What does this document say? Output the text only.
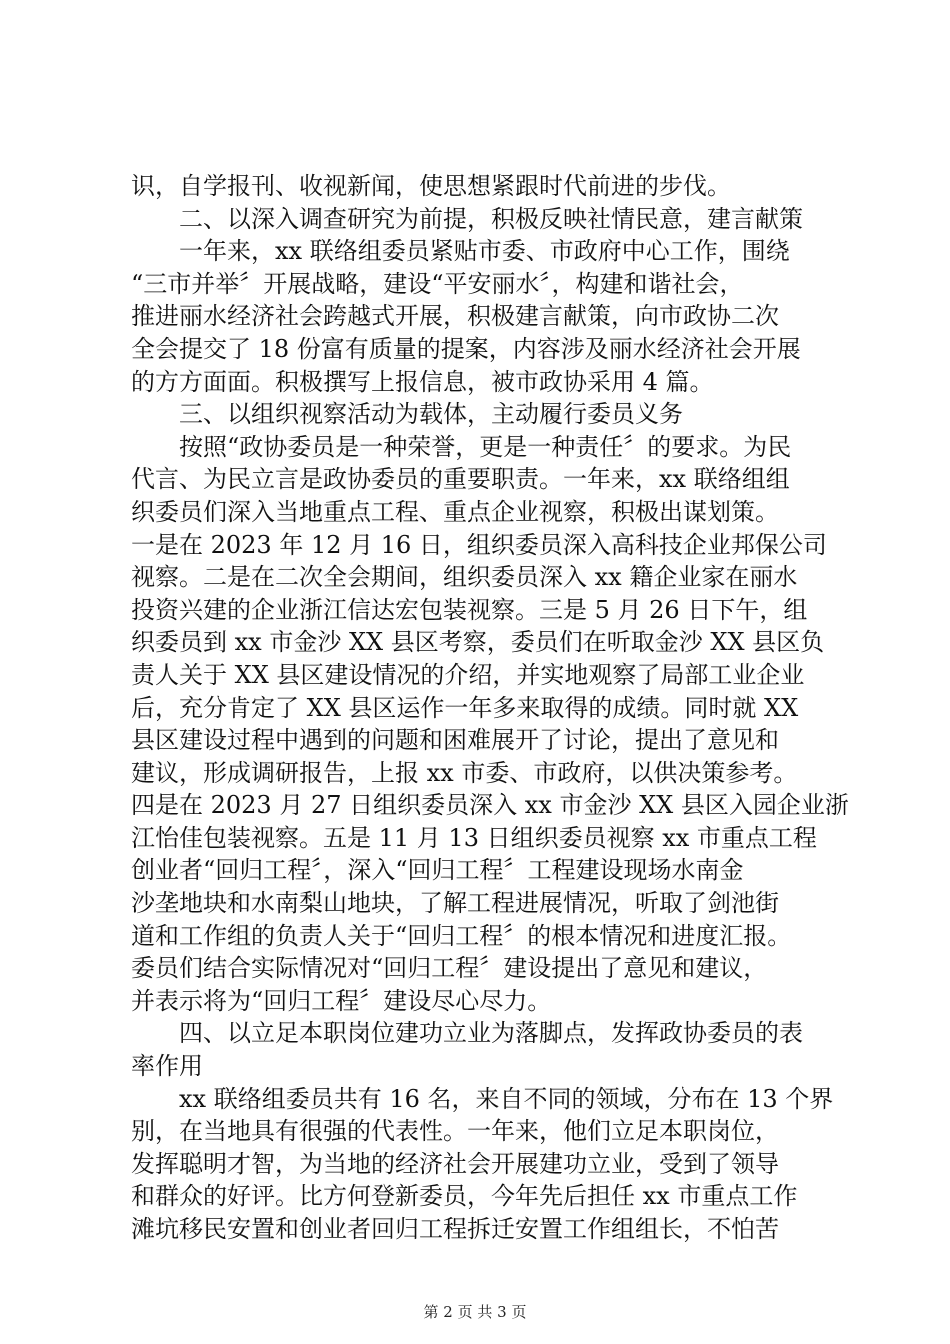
识，自学报刊、收视新闻，使思想紧跟时代前进的步伐。
二、以深入调查研究为前提，积极反映社情民意，建言献策
一年来，xx 联络组委员紧贴市委、市政府中心工作，围绕
“三市并举〞开展战略，建设“平安丽水〞，构建和谐社会，
推进丽水经济社会跨越式开展，积极建言献策，向市政协二次
全会提交了 18 份富有质量的提案，内容涉及丽水经济社会开展
的方方面面。积极撰写上报信息，被市政协采用 4 篇。
三、以组织视察活动为载体，主动履行委员义务
按照“政协委员是一种荣誉，更是一种责任〞的要求。为民
代言、为民立言是政协委员的重要职责。一年来，xx 联络组组
织委员们深入当地重点工程、重点企业视察，积极出谋划策。
一是在 2023 年 12 月 16 日，组织委员深入高科技企业邦保公司
视察。二是在二次全会期间，组织委员深入 xx 籍企业家在丽水
投资兴建的企业浙江信达宏包装视察。三是 5 月 26 日下午，组
织委员到 xx 市金沙 XX 县区考察，委员们在听取金沙 XX 县区负
责人关于 XX 县区建设情况的介绍，并实地观察了局部工业企业
后，充分肯定了 XX 县区运作一年多来取得的成绩。同时就 XX
县区建设过程中遇到的问题和困难展开了讨论，提出了意见和
建议，形成调研报告，上报 xx 市委、市政府，以供决策参考。
四是在 2023 月 27 日组织委员深入 xx 市金沙 XX 县区入园企业浙
江怡佳包装视察。五是 11 月 13 日组织委员视察 xx 市重点工程
创业者“回归工程〞，深入“回归工程〞工程建设现场水南金
沙垄地块和水南梨山地块，了解工程进展情况，听取了剑池街
道和工作组的负责人关于“回归工程〞的根本情况和进度汇报。
委员们结合实际情况对“回归工程〞建设提出了意见和建议，
并表示将为“回归工程〞建设尽心尽力。
四、以立足本职岗位建功立业为落脚点，发挥政协委员的表
率作用
xx 联络组委员共有 16 名，来自不同的领域，分布在 13 个界
别，在当地具有很强的代表性。一年来，他们立足本职岗位，
发挥聪明才智，为当地的经济社会开展建功立业，受到了领导
和群众的好评。比方何登新委员，今年先后担任 xx 市重点工作
滩坑移民安置和创业者回归工程拆迁安置工作组组长，不怕苦
第 2 页 共 3 页
